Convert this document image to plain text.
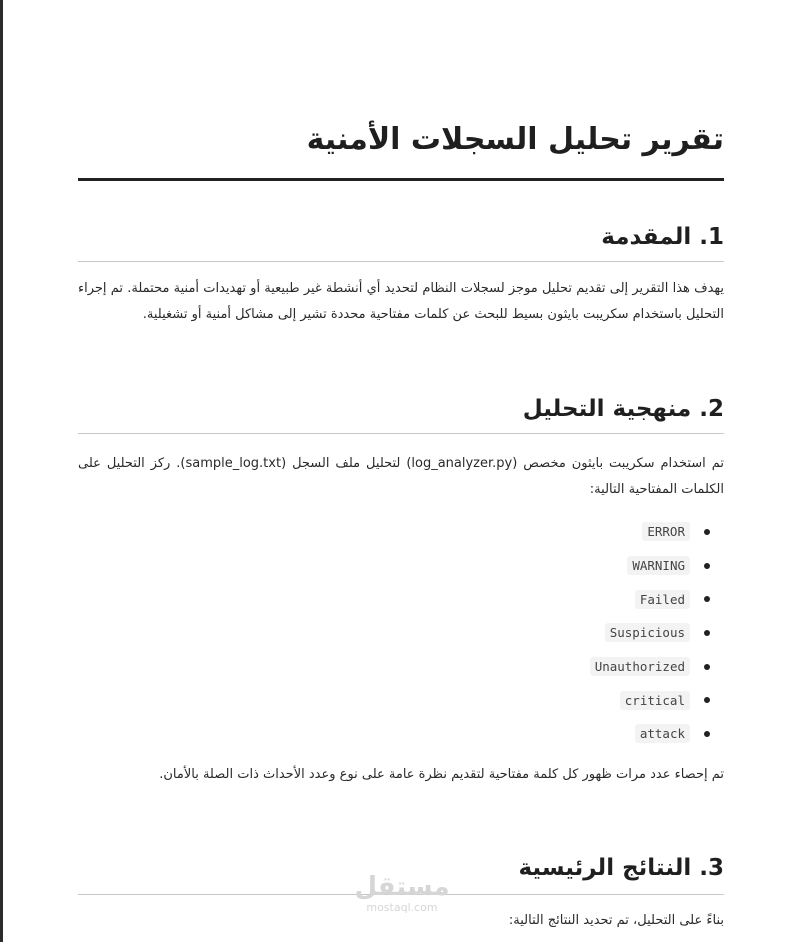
تقرير تحليل السجلات الأمنية
1. المقدمة

يهدف هذا التقرير إلى تقديم تحليل موجز لسجلات النظام لتحديد أي أنشطة غير طبيعية أو تهديدات أمنية محتملة. تم إجراء التحليل باستخدام سكريبت بايثون بسيط للبحث عن كلمات مفتاحية محددة تشير إلى مشاكل أمنية أو تشغيلية.

2. منهجية التحليل

تم استخدام سكريبت بايثون مخصص (log_analyzer.py) لتحليل ملف السجل (sample_log.txt). ركز التحليل على الكلمات المفتاحية التالية:

ERROR
WARNING
Failed
Suspicious
Unauthorized
critical
attack

تم إحصاء عدد مرات ظهور كل كلمة مفتاحية لتقديم نظرة عامة على نوع وعدد الأحداث ذات الصلة بالأمان.

3. النتائج الرئيسية

بناءً على التحليل، تم تحديد النتائج التالية:

مستقل
mostaql.com
